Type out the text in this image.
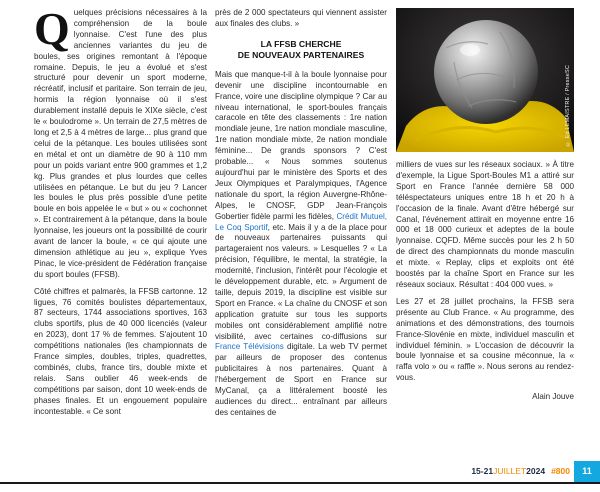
Quelques précisions nécessaires à la compréhension de la boule lyonnaise. C'est l'une des plus anciennes variantes du jeu de boules, ses origines remontant à l'époque romaine. Depuis, le jeu a évolué et s'est structuré pour devenir un sport moderne, récréatif, inclusif et paritaire. Son terrain de jeu, hormis la région lyonnaise où il s'est durablement installé depuis le XIXe siècle, c'est le « boulodrome ». Un terrain de 27,5 mètres de long et 2,5 à 4 mètres de large... plus grand que celui de la pétanque. Les boules utilisées sont en métal et ont un diamètre de 90 à 110 mm pour un poids variant entre 900 grammes et 1,2 kg. Plus grandes et plus lourdes que celles utilisées en pétanque. Le but du jeu ? Lancer les boules le plus près possible d'une petite boule en bois appelée le « but » ou « cochonnet ». Et contrairement à la pétanque, dans la boule lyonnaise, les joueurs ont la possibilité de courir avant de lancer la boule, « ce qui ajoute une dimension athlétique au jeu », explique Yves Pinac, le vice-président de Fédération française du sport boules (FFSB).

Côté chiffres et palmarès, la FFSB cartonne. 12 ligues, 76 comités boulistes départementaux, 87 secteurs, 1744 associations sportives, 163 clubs sportifs, plus de 40 000 licenciés (valeur en 2023), dont 17 % de femmes. S'ajoutent 10 compétitions nationales (les championnats de France simples, doubles, triples, quadrettes, combinés, clubs, france tirs, double mixte et relais. Sans oublier 46 week-ends de compétitions par saison, dont 10 week-ends de phases finales. Et un engouement populaire incontestable. « Ce sont

près de 2 000 spectateurs qui viennent assister aux finales des clubs. »

LA FFSB CHERCHE
DE NOUVEAUX PARTENAIRES

Mais que manque-t-il à la boule lyonnaise pour devenir une discipline incontournable en France, voire une discipline olympique ? Car au niveau international, le sport-boules français caracole en tête des classements : 1re nation mondiale jeune, 1re nation mondiale masculine, 1re nation mondiale mixte, 2e nation mondiale féminine... De grands sponsors ? C'est probable... « Nous sommes soutenus aujourd'hui par le ministère des Sports et des Jeux Olympiques et Paralympiques, l'Agence nationale du sport, la région Auvergne-Rhône-Alpes, le CNOSF, GDP Jean-François Gobertier fidèle parmi les fidèles, Crédit Mutuel, Le Coq Sportif, etc. Mais il y a de la place pour de nouveaux partenaires puissants qui partageraient nos valeurs. » Lesquelles ? « La précision, l'équilibre, le mental, la stratégie, la modernité, l'inclusion, l'intérêt pour l'écologie et le développement durable, etc. » Argument de taille, depuis 2019, la discipline est visible sur Sport en France. « La chaîne du CNOSF et son application gratuite sur tous les supports mobiles ont considérablement amplifié notre visibilité, avec certaines co-diffusions sur France Télévisions digitale. La web TV permet par ailleurs de proposer des contenus publicitaires à nos partenaires. Quant à l'hébergement de Sport en France sur MyCanal, ça a littéralement boosté les audiences du direct... entraînant par ailleurs des centaines de

© Ed LEMAISTRE / PresseSC

milliers de vues sur les réseaux sociaux. » À titre d'exemple, la Ligue Sport-Boules M1 a attiré sur Sport en France l'année dernière 58 000 téléspectateurs uniques entre 18 h et 20 h à l'occasion de la finale. Avant d'être hébergé sur Canal, l'événement attirait en moyenne entre 16 000 et 18 000 curieux et adeptes de la boule lyonnaise. CQFD. Même succès pour les 2 h 50 de direct des championnats du monde masculin et mixte. « Replay, clips et exploits ont été boostés par la chaîne Sport en France sur les réseaux sociaux. Résultat : 404 000 vues. »

Les 27 et 28 juillet prochains, la FFSB sera présente au Club France. « Au programme, des animations et des démonstrations, des tournois France-Slovénie en mixte, individuel masculin et individuel féminin. » L'occasion de découvrir la boule lyonnaise et sa cousine méconnue, la « raffa volo » ou « raffle ». Nous serons au rendez-vous.

Alain Jouve
15-21JUILLET2024 #800	11
